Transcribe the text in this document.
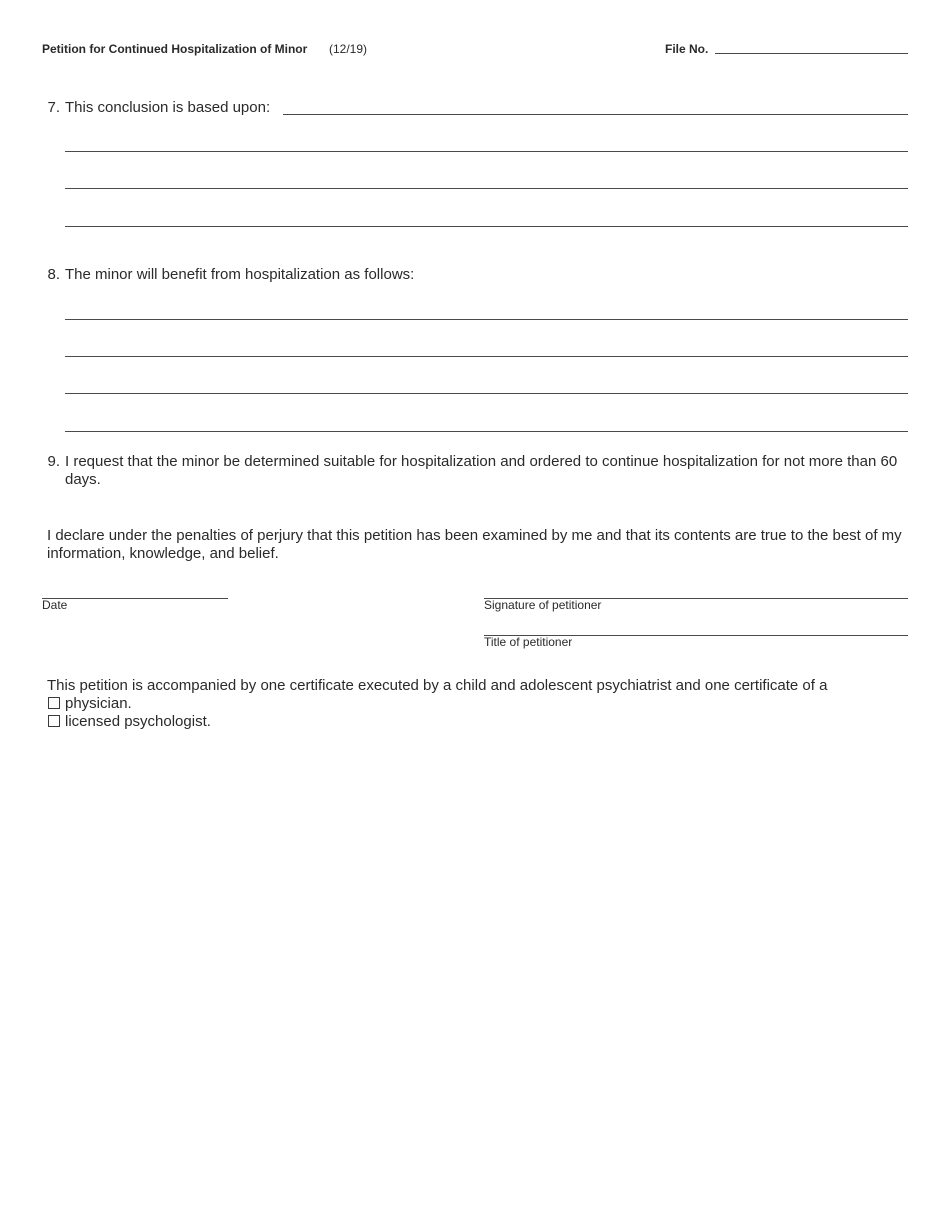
Petition for Continued Hospitalization of Minor (12/19)	File No.
7. This conclusion is based upon:
8. The minor will benefit from hospitalization as follows:
9. I request that the minor be determined suitable for hospitalization and ordered to continue hospitalization for not more than 60 days.
I declare under the penalties of perjury that this petition has been examined by me and that its contents are true to the best of my information, knowledge, and belief.
Date	Signature of petitioner
Title of petitioner
This petition is accompanied by one certificate executed by a child and adolescent psychiatrist and one certificate of a
physician.
licensed psychologist.
